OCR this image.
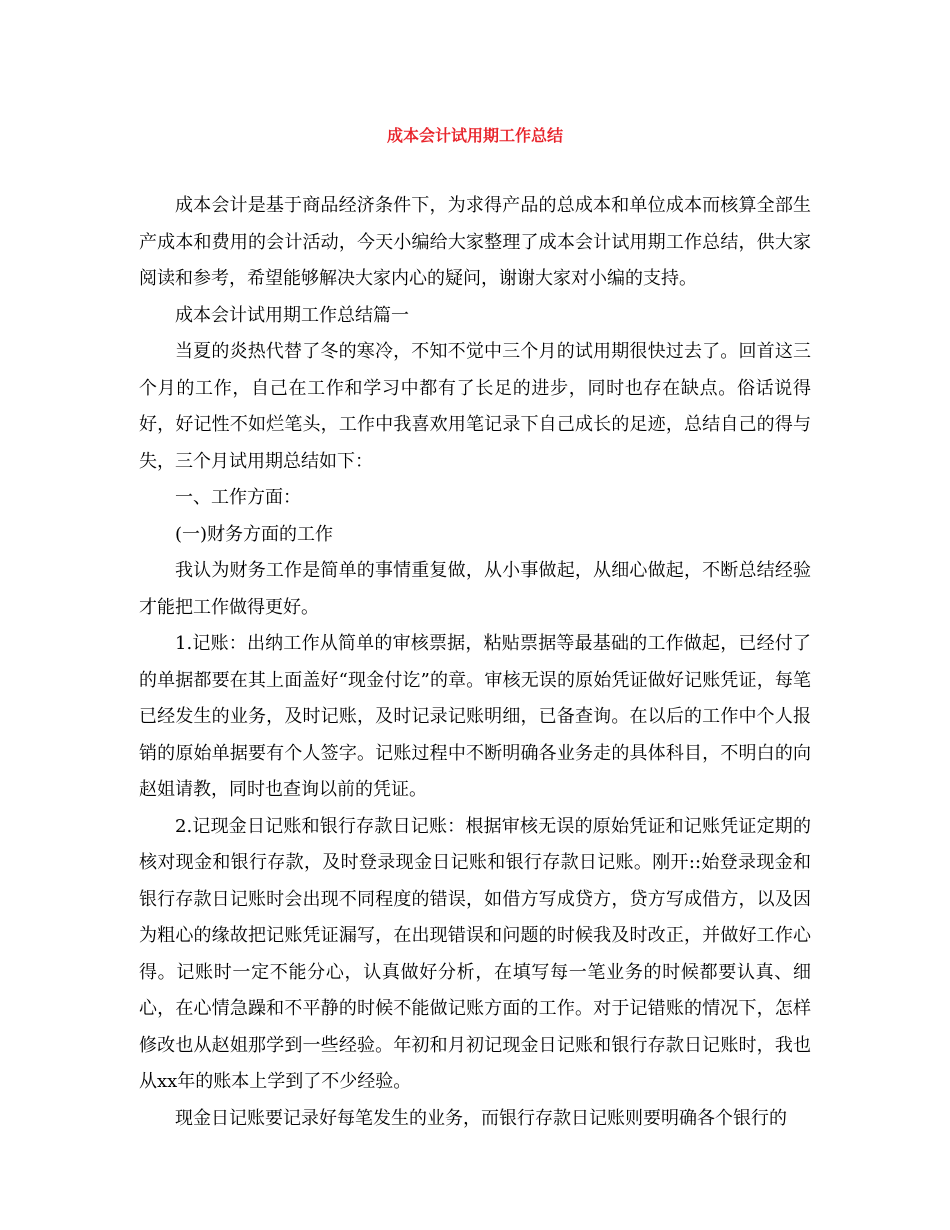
成本会计试用期工作总结

成本会计是基于商品经济条件下，为求得产品的总成本和单位成本而核算全部生产成本和费用的会计活动，今天小编给大家整理了成本会计试用期工作总结，供大家阅读和参考，希望能够解决大家内心的疑问，谢谢大家对小编的支持。

成本会计试用期工作总结篇一

当夏的炎热代替了冬的寒冷，不知不觉中三个月的试用期很快过去了。回首这三个月的工作，自己在工作和学习中都有了长足的进步，同时也存在缺点。俗话说得好，好记性不如烂笔头，工作中我喜欢用笔记录下自己成长的足迹，总结自己的得与失，三个月试用期总结如下：

一、工作方面：

(一)财务方面的工作

我认为财务工作是简单的事情重复做，从小事做起，从细心做起，不断总结经验才能把工作做得更好。

1.记账：出纳工作从简单的审核票据，粘贴票据等最基础的工作做起，已经付了的单据都要在其上面盖好“现金付讫”的章。审核无误的原始凭证做好记账凭证，每笔已经发生的业务，及时记账，及时记录记账明细，已备查询。在以后的工作中个人报销的原始单据要有个人签字。记账过程中不断明确各业务走的具体科目，不明白的向赵姐请教，同时也查询以前的凭证。

2.记现金日记账和银行存款日记账：根据审核无误的原始凭证和记账凭证定期的核对现金和银行存款，及时登录现金日记账和银行存款日记账。刚开::始登录现金和银行存款日记账时会出现不同程度的错误，如借方写成贷方，贷方写成借方，以及因为粗心的缘故把记账凭证漏写，在出现错误和问题的时候我及时改正，并做好工作心得。记账时一定不能分心，认真做好分析，在填写每一笔业务的时候都要认真、细心，在心情急躁和不平静的时候不能做记账方面的工作。对于记错账的情况下，怎样修改也从赵姐那学到一些经验。年初和月初记现金日记账和银行存款日记账时，我也从xx年的账本上学到了不少经验。

现金日记账要记录好每笔发生的业务，而银行存款日记账则要明确各个银行的
